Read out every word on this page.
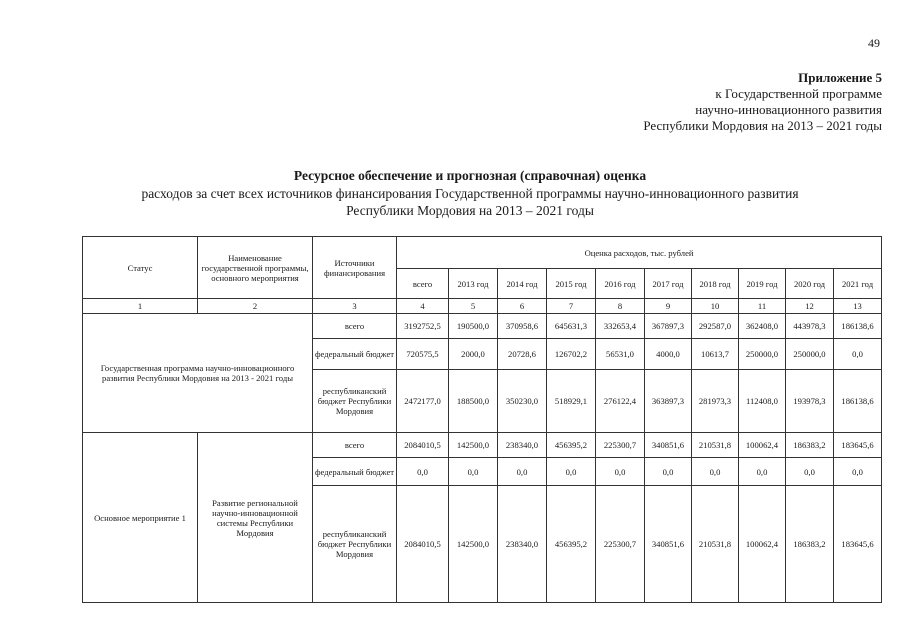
49
Приложение 5
к Государственной программе
научно-инновационного развития
Республики Мордовия на 2013 – 2021 годы
Ресурсное обеспечение и прогнозная (справочная) оценка
расходов за счет всех источников финансирования Государственной программы научно-инновационного развития
Республики Мордовия на 2013 – 2021 годы
Статус	Наименование государственной программы, основного мероприятия	Источники финансирования	Оценка расходов, тыс. рублей									
			всего	2013 год	2014 год	2015 год	2016 год	2017 год	2018 год	2019 год	2020 год	2021 год
1	2	3	4	5	6	7	8	9	10	11	12	13
Государственная программа научно-инновационного развития Республики Мордовия на 2013 - 2021 годы		всего	3192752,5	190500,0	370958,6	645631,3	332653,4	367897,3	292587,0	362408,0	443978,3	186138,6
		федеральный бюджет	720575,5	2000,0	20728,6	126702,2	56531,0	4000,0	10613,7	250000,0	250000,0	0,0
		республиканский бюджет Республики Мордовия	2472177,0	188500,0	350230,0	518929,1	276122,4	363897,3	281973,3	112408,0	193978,3	186138,6
Основное мероприятие 1	Развитие региональной научно-инновационной системы Республики Мордовия	всего	2084010,5	142500,0	238340,0	456395,2	225300,7	340851,6	210531,8	100062,4	186383,2	183645,6
		федеральный бюджет	0,0	0,0	0,0	0,0	0,0	0,0	0,0	0,0	0,0	0,0
		республиканский бюджет Республики Мордовия	2084010,5	142500,0	238340,0	456395,2	225300,7	340851,6	210531,8	100062,4	186383,2	183645,6
